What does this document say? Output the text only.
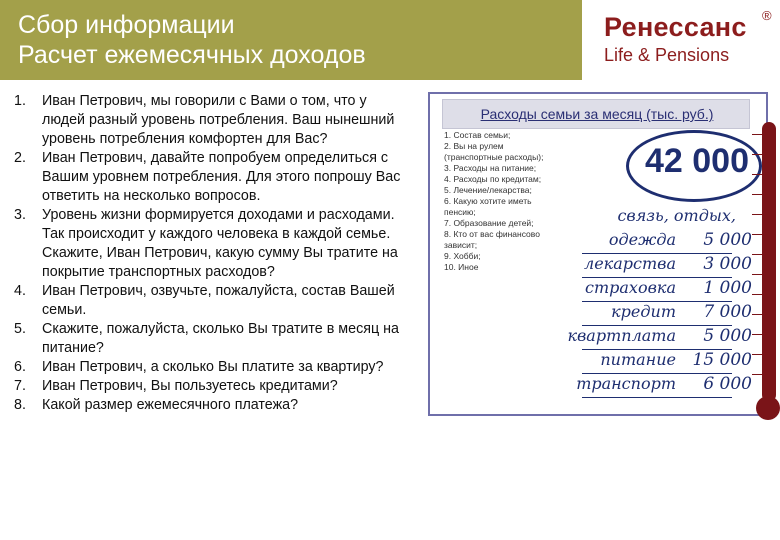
Сбор информации
Расчет ежемесячных доходов
Ренессанс ®
Life & Pensions
1.	Иван Петрович, мы говорили с Вами о том, что у людей разный уровень потребления. Ваш нынешний уровень потребления комфортен для Вас?
2.	Иван Петрович, давайте попробуем определиться с Вашим уровнем потребления. Для этого попрошу Вас ответить на несколько вопросов.
3.	Уровень жизни формируется доходами и расходами. Так происходит у каждого человека в каждой семье. Скажите, Иван Петрович, какую сумму Вы тратите на покрытие транспортных расходов?
4.	Иван Петрович, озвучьте, пожалуйста, состав Вашей семьи.
5.	Скажите, пожалуйста, сколько Вы тратите в месяц на питание?
6.	Иван Петрович, а сколько Вы платите за квартиру?
7.	Иван Петрович, Вы пользуетесь кредитами?
8.	Какой размер ежемесячного платежа?
Расходы семьи за месяц (тыс. руб.)
1. Состав семьи;
2. Вы на рулем
(транспортные расходы);
3. Расходы на питание;
4. Расходы по кредитам;
5. Лечение/лекарства;
6. Какую хотите иметь
пенсию;
7. Образование детей;
8. Кто от вас финансово
зависит;
9. Хобби;
10. Иное
42 000
связь, отдых,
одежда	5 000
лекарства	3 000
страховка	1 000
кредит	7 000
квартплата	5 000
питание 15 000
транспорт	6 000
